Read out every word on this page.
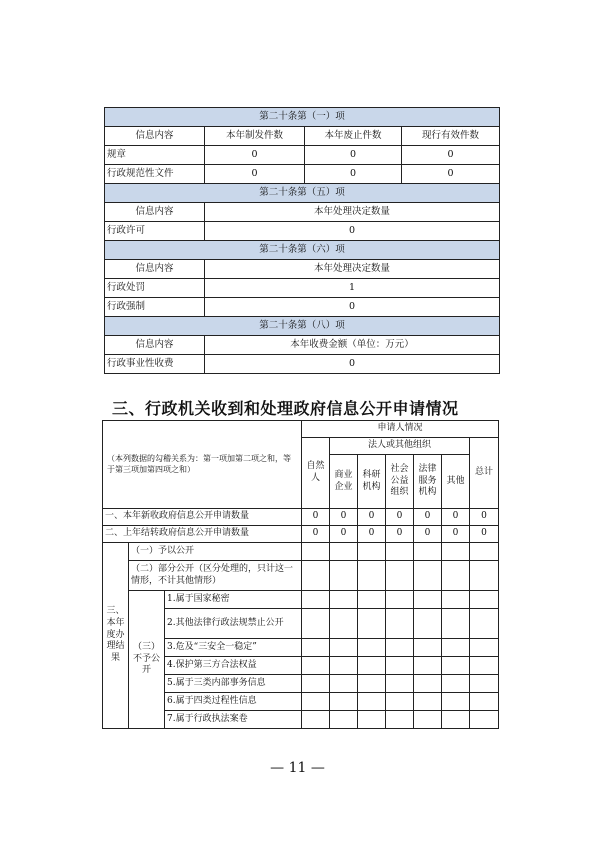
第二十条第（一）项			
信息内容	本年制发件数	本年废止件数	现行有效件数
规章	0	0	0
行政规范性文件	0	0	0
第二十条第（五）项			
信息内容	本年处理决定数量		
行政许可	0		
第二十条第（六）项			
信息内容	本年处理决定数量		
行政处罚	1		
行政强制	0		
第二十条第（八）项			
信息内容	本年收费金额（单位：万元）		
行政事业性收费	0		
三、行政机关收到和处理政府信息公开申请情况
（本列数据的勾稽关系为：第一项加第二项之和，等于第三项加第四项之和）			申请人情况						
			自然人	法人或其他组织					总计
				商业企业	科研机构	社会公益组织	法律服务机构	其他	
一、本年新收政府信息公开申请数量			0	0	0	0	0	0	0
二、上年结转政府信息公开申请数量			0	0	0	0	0	0	0
三、本年度办理结果	（一）予以公开								
	（二）部分公开（区分处理的，只计这一情形，不计其他情形）								
	（三）不予公开	1.属于国家秘密							
		2.其他法律行政法规禁止公开							
		3.危及“三安全一稳定”							
		4.保护第三方合法权益							
		5.属于三类内部事务信息							
		6.属于四类过程性信息							
		7.属于行政执法案卷							
— 11 —
